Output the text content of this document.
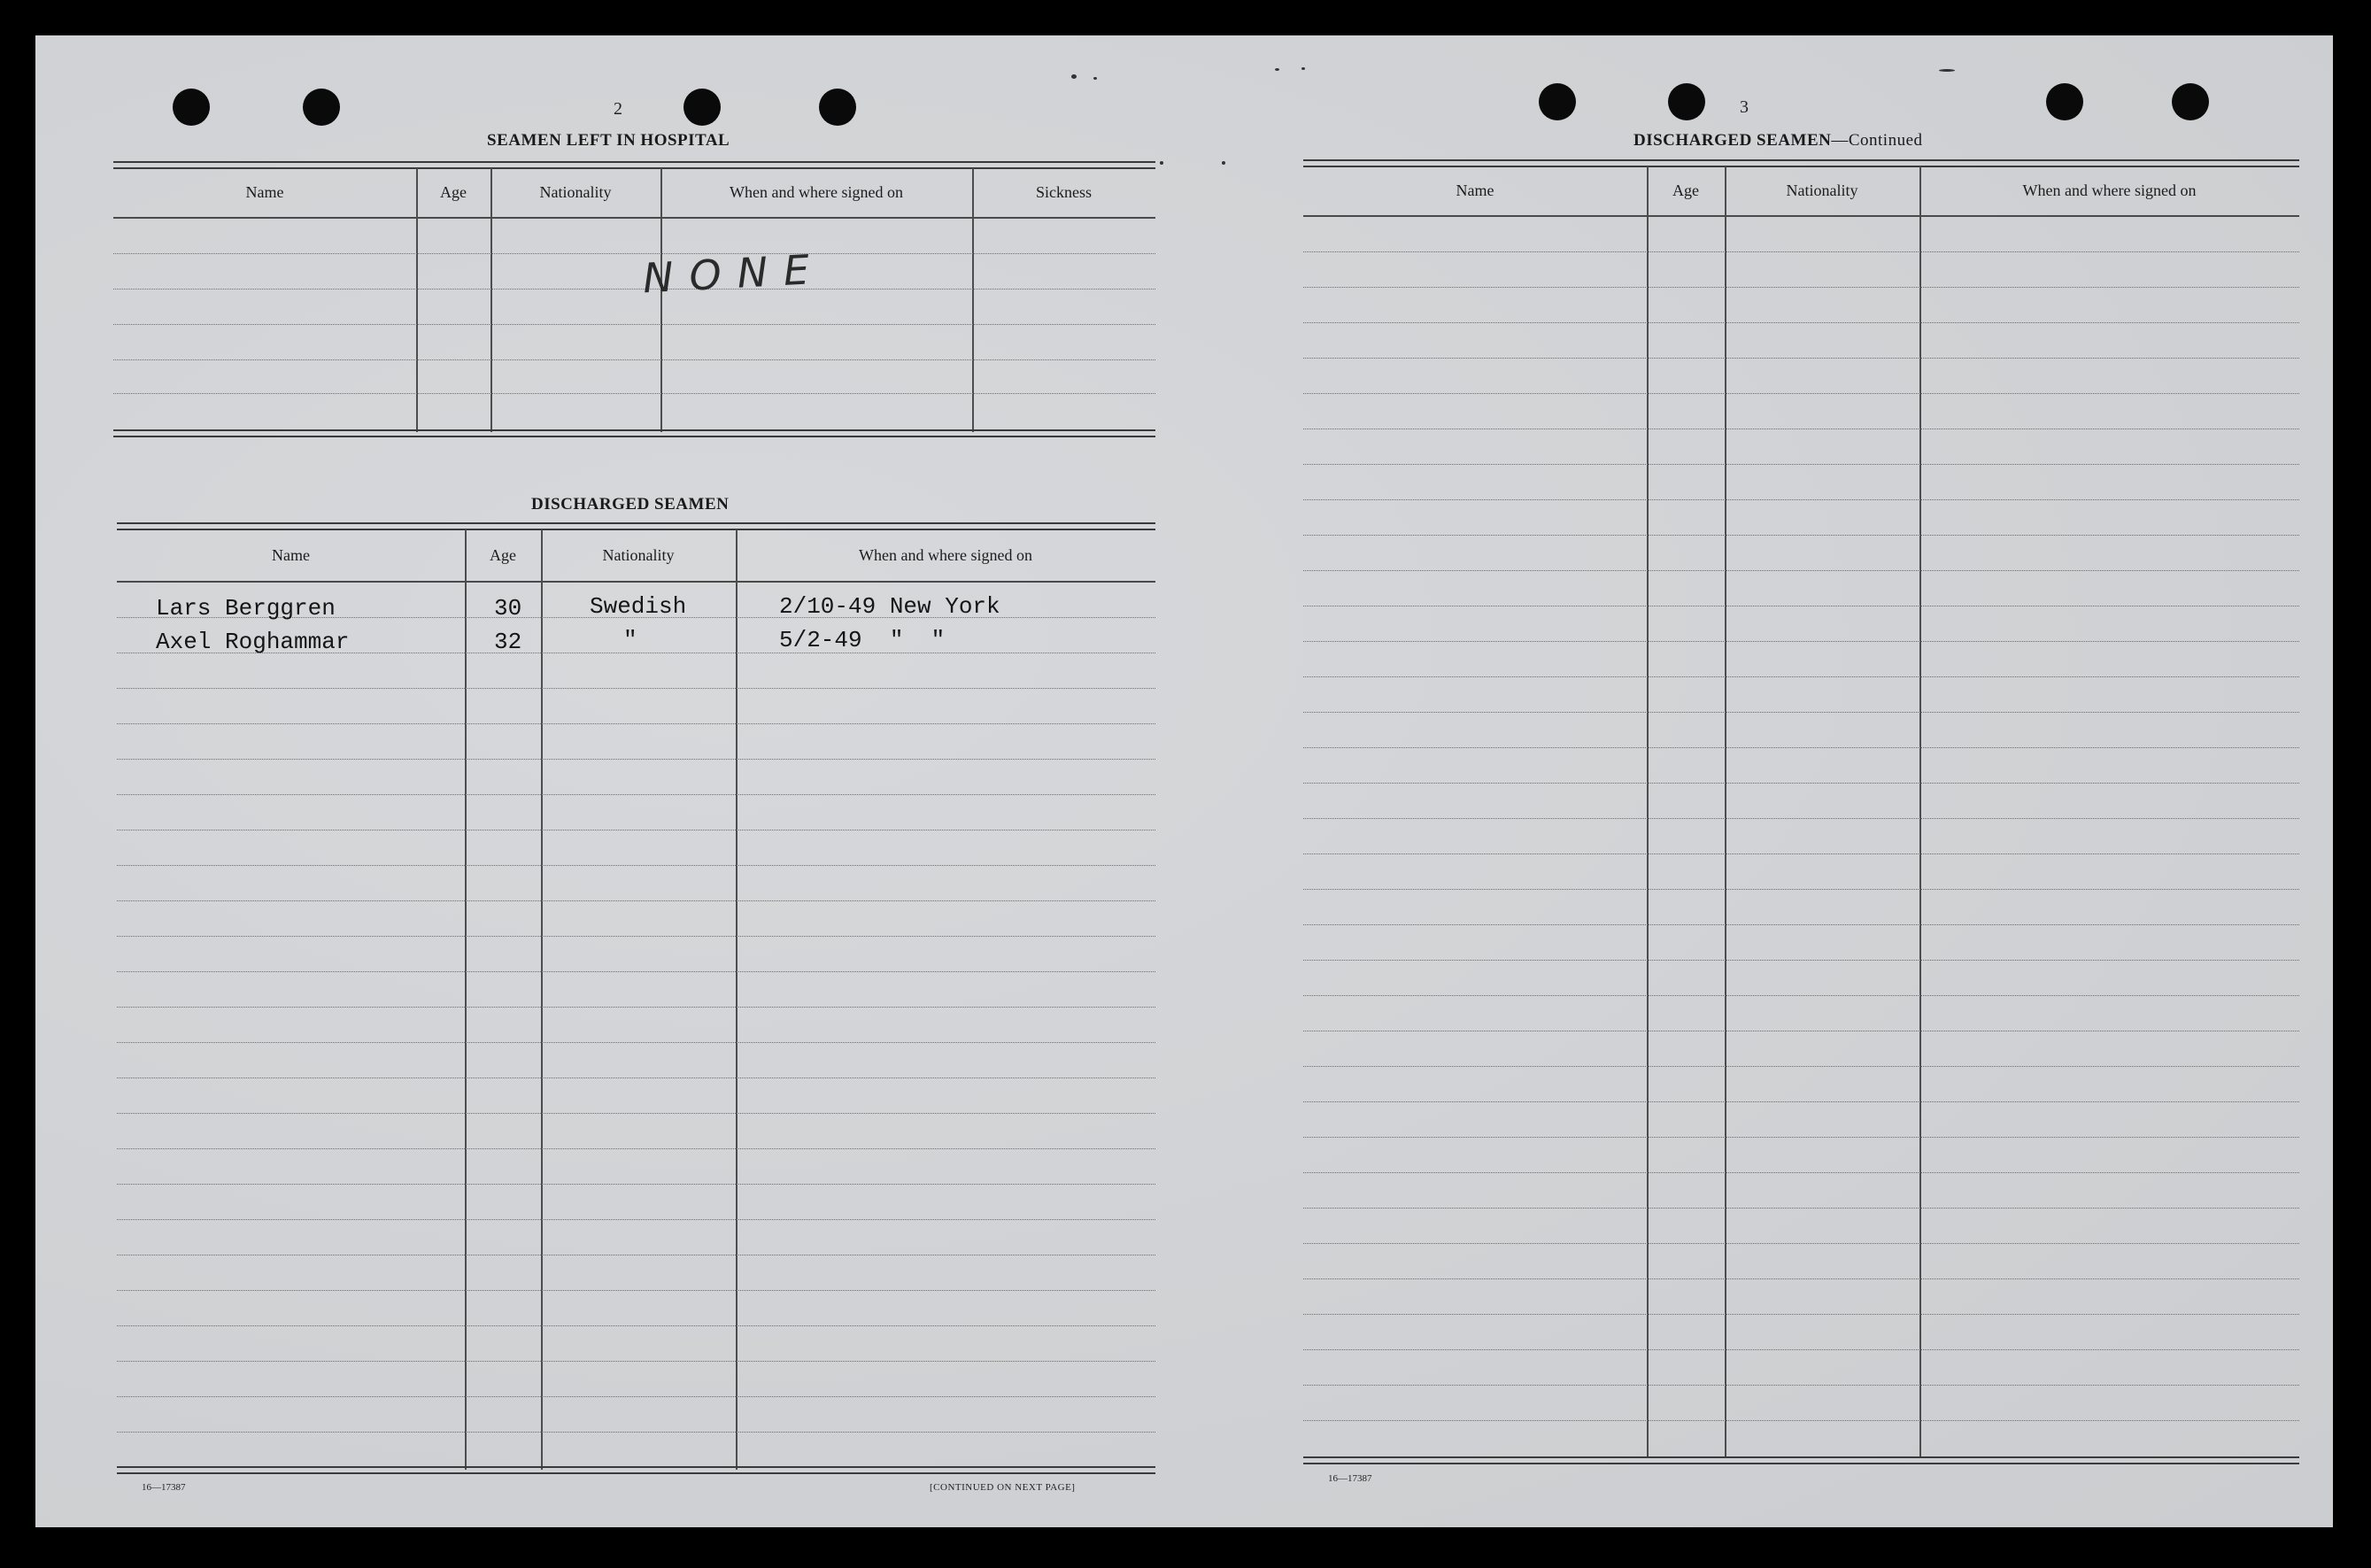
2
SEAMEN LEFT IN HOSPITAL
Name	Age	Nationality	When and where signed on	Sickness
NONE
DISCHARGED SEAMEN
Name	Age	Nationality	When and where signed on
Lars Berggren	30	Swedish	2/10-49 New York
Axel Roghammar	32	"	5/2-49  "  "
16—17387	[CONTINUED ON NEXT PAGE]
3
DISCHARGED SEAMEN—Continued
Name	Age	Nationality	When and where signed on
16—17387
